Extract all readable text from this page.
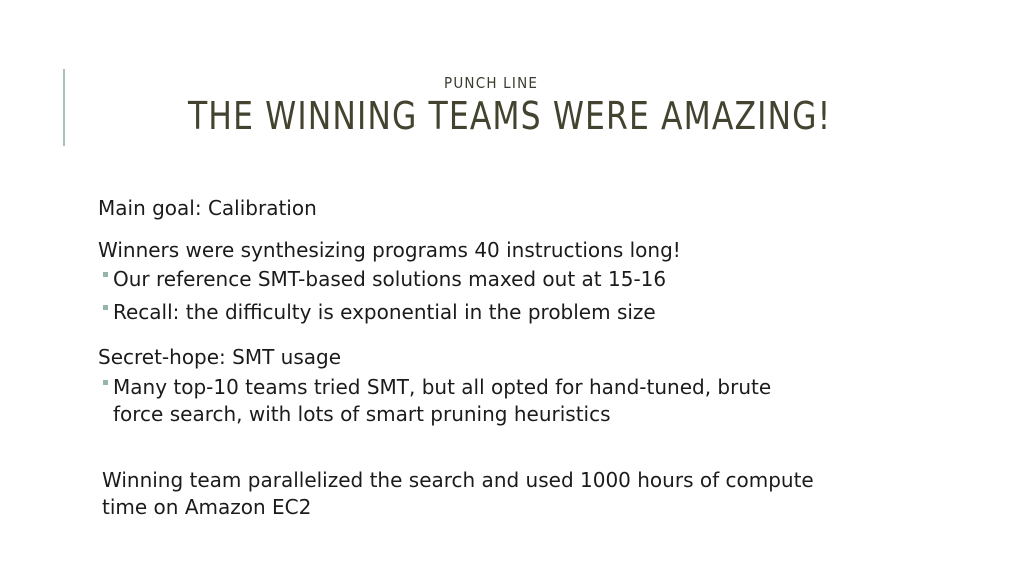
PUNCH LINE
THE WINNING TEAMS WERE AMAZING!
Main goal: Calibration
Winners were synthesizing programs 40 instructions long!
Our reference SMT-based solutions maxed out at 15-16
Recall: the difficulty is exponential in the problem size
Secret-hope: SMT usage
Many top-10 teams tried SMT, but all opted for hand-tuned, brute
force search, with lots of smart pruning heuristics
Winning team parallelized the search and used 1000 hours of compute
time on Amazon EC2
